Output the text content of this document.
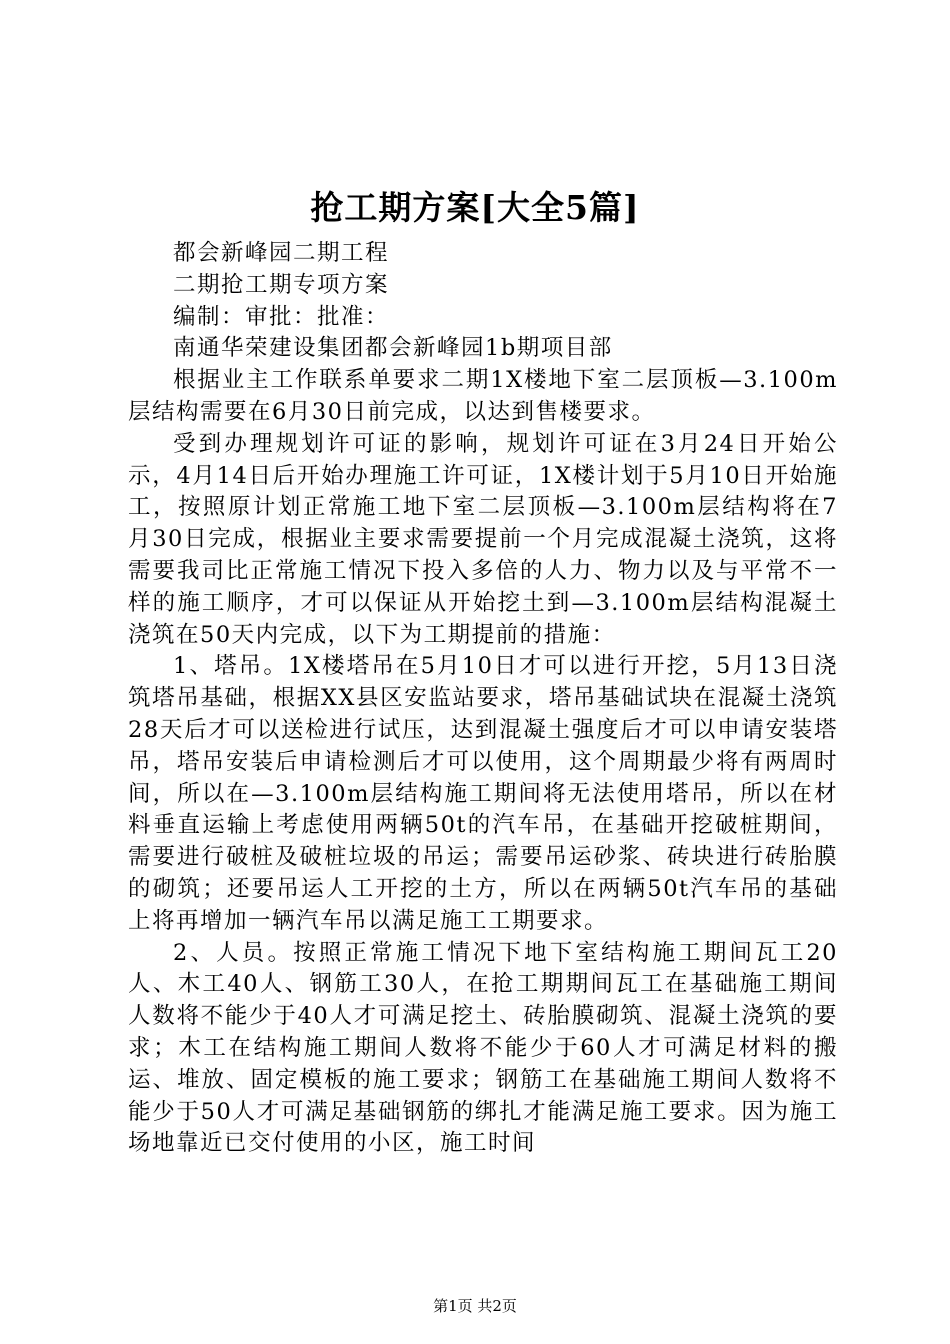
抢工期方案[大全5篇]

都会新峰园二期工程

二期抢工期专项方案

编制：审批：批准：

南通华荣建设集团都会新峰园1b期项目部

根据业主工作联系单要求二期1X楼地下室二层顶板—3.100m层结构需要在6月30日前完成，以达到售楼要求。

受到办理规划许可证的影响，规划许可证在3月24日开始公示，4月14日后开始办理施工许可证，1X楼计划于5月10日开始施工，按照原计划正常施工地下室二层顶板—3.100m层结构将在7月30日完成，根据业主要求需要提前一个月完成混凝土浇筑，这将需要我司比正常施工情况下投入多倍的人力、物力以及与平常不一样的施工顺序，才可以保证从开始挖土到—3.100m层结构混凝土浇筑在50天内完成，以下为工期提前的措施：

1、塔吊。1X楼塔吊在5月10日才可以进行开挖，5月13日浇筑塔吊基础，根据XX县区安监站要求，塔吊基础试块在混凝土浇筑28天后才可以送检进行试压，达到混凝土强度后才可以申请安装塔吊，塔吊安装后申请检测后才可以使用，这个周期最少将有两周时间，所以在—3.100m层结构施工期间将无法使用塔吊，所以在材料垂直运输上考虑使用两辆50t的汽车吊，在基础开挖破桩期间，需要进行破桩及破桩垃圾的吊运；需要吊运砂浆、砖块进行砖胎膜的砌筑；还要吊运人工开挖的土方，所以在两辆50t汽车吊的基础上将再增加一辆汽车吊以满足施工工期要求。

2、人员。按照正常施工情况下地下室结构施工期间瓦工20人、木工40人、钢筋工30人，在抢工期期间瓦工在基础施工期间人数将不能少于40人才可满足挖土、砖胎膜砌筑、混凝土浇筑的要求；木工在结构施工期间人数将不能少于60人才可满足材料的搬运、堆放、固定模板的施工要求；钢筋工在基础施工期间人数将不能少于50人才可满足基础钢筋的绑扎才能满足施工要求。因为施工场地靠近已交付使用的小区，施工时间

第1页 共2页
